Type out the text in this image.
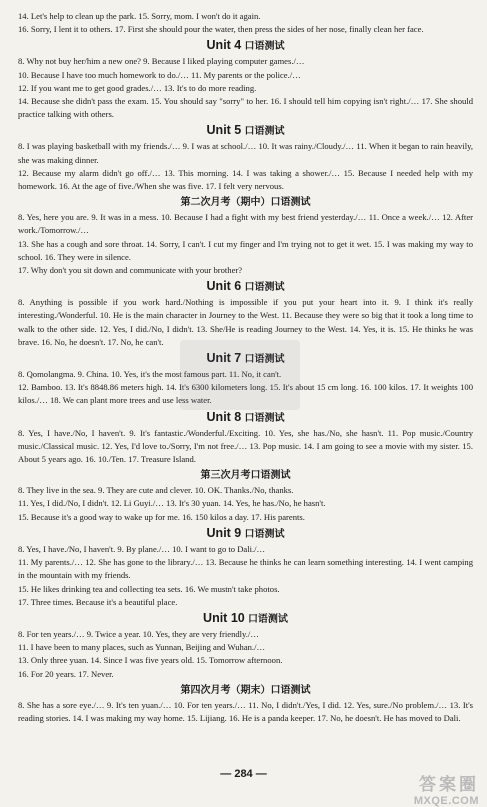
14. Let's help to clean up the park. 15. Sorry, mom. I won't do it again.

16. Sorry, I lent it to others. 17. First she should pour the water, then press the sides of her nose, finally clean her face.

Unit 4 口语测试

8. Why not buy her/him a new one? 9. Because I liked playing computer games./…

10. Because I have too much homework to do./… 11. My parents or the police./…

12. If you want me to get good grades./… 13. It's to do more reading.

14. Because she didn't pass the exam. 15. You should say "sorry" to her. 16. I should tell him copying isn't right./… 17. She should practice talking with others.

Unit 5 口语测试

8. I was playing basketball with my friends./… 9. I was at school./… 10. It was rainy./Cloudy./… 11. When it began to rain heavily, she was making dinner.

12. Because my alarm didn't go off./… 13. This morning. 14. I was taking a shower./… 15. Because I needed help with my homework. 16. At the age of five./When she was five. 17. I felt very nervous.

第二次月考（期中）口语测试

8. Yes, here you are. 9. It was in a mess. 10. Because I had a fight with my best friend yesterday./… 11. Once a week./… 12. After work./Tomorrow./…

13. She has a cough and sore throat. 14. Sorry, I can't. I cut my finger and I'm trying not to get it wet. 15. I was making my way to school. 16. They were in silence.

17. Why don't you sit down and communicate with your brother?

Unit 6 口语测试

8. Anything is possible if you work hard./Nothing is impossible if you put your heart into it. 9. I think it's really interesting./Wonderful. 10. He is the main character in Journey to the West. 11. Because they were so big that it took a long time to walk to the other side. 12. Yes, I did./No, I didn't. 13. She/He is reading Journey to the West. 14. Yes, it is. 15. He thinks he was brave. 16. No, he doesn't. 17. No, he can't.

Unit 7 口语测试

8. Qomolangma. 9. China. 10. Yes, it's the most famous part. 11. No, it can't.

12. Bamboo. 13. It's 8848.86 meters high. 14. It's 6300 kilometers long. 15. It's about 15 cm long. 16. 100 kilos. 17. It weights 100 kilos./… 18. We can plant more trees and use less water.

Unit 8 口语测试

8. Yes, I have./No, I haven't. 9. It's fantastic./Wonderful./Exciting. 10. Yes, she has./No, she hasn't. 11. Pop music./Country music./Classical music. 12. Yes, I'd love to./Sorry, I'm not free./… 13. Pop music. 14. I am going to see a movie with my sister. 15. About 5 years ago. 16. 10./Ten. 17. Treasure Island.

第三次月考口语测试

8. They live in the sea. 9. They are cute and clever. 10. OK. Thanks./No, thanks.

11. Yes, I did./No, I didn't. 12. Li Guyi./… 13. It's 30 yuan. 14. Yes, he has./No, he hasn't.

15. Because it's a good way to wake up for me. 16. 150 kilos a day. 17. His parents.

Unit 9 口语测试

8. Yes, I have./No, I haven't. 9. By plane./… 10. I want to go to Dali./…

11. My parents./… 12. She has gone to the library./… 13. Because he thinks he can learn something interesting. 14. I went camping in the mountain with my friends.

15. He likes drinking tea and collecting tea sets. 16. We mustn't take photos.

17. Three times. Because it's a beautiful place.

Unit 10 口语测试

8. For ten years./… 9. Twice a year. 10. Yes, they are very friendly./…

11. I have been to many places, such as Yunnan, Beijing and Wuhan./…

13. Only three yuan. 14. Since I was five years old. 15. Tomorrow afternoon.

16. For 20 years. 17. Never.

第四次月考（期末）口语测试

8. She has a sore eye./… 9. It's ten yuan./… 10. For ten years./… 11. No, I didn't./Yes, I did. 12. Yes, sure./No problem./… 13. It's reading stories. 14. I was making my way home. 15. Lijiang. 16. He is a panda keeper. 17. No, he doesn't. He has moved to Dali.

— 284 —
答案圈
MXQE.COM
